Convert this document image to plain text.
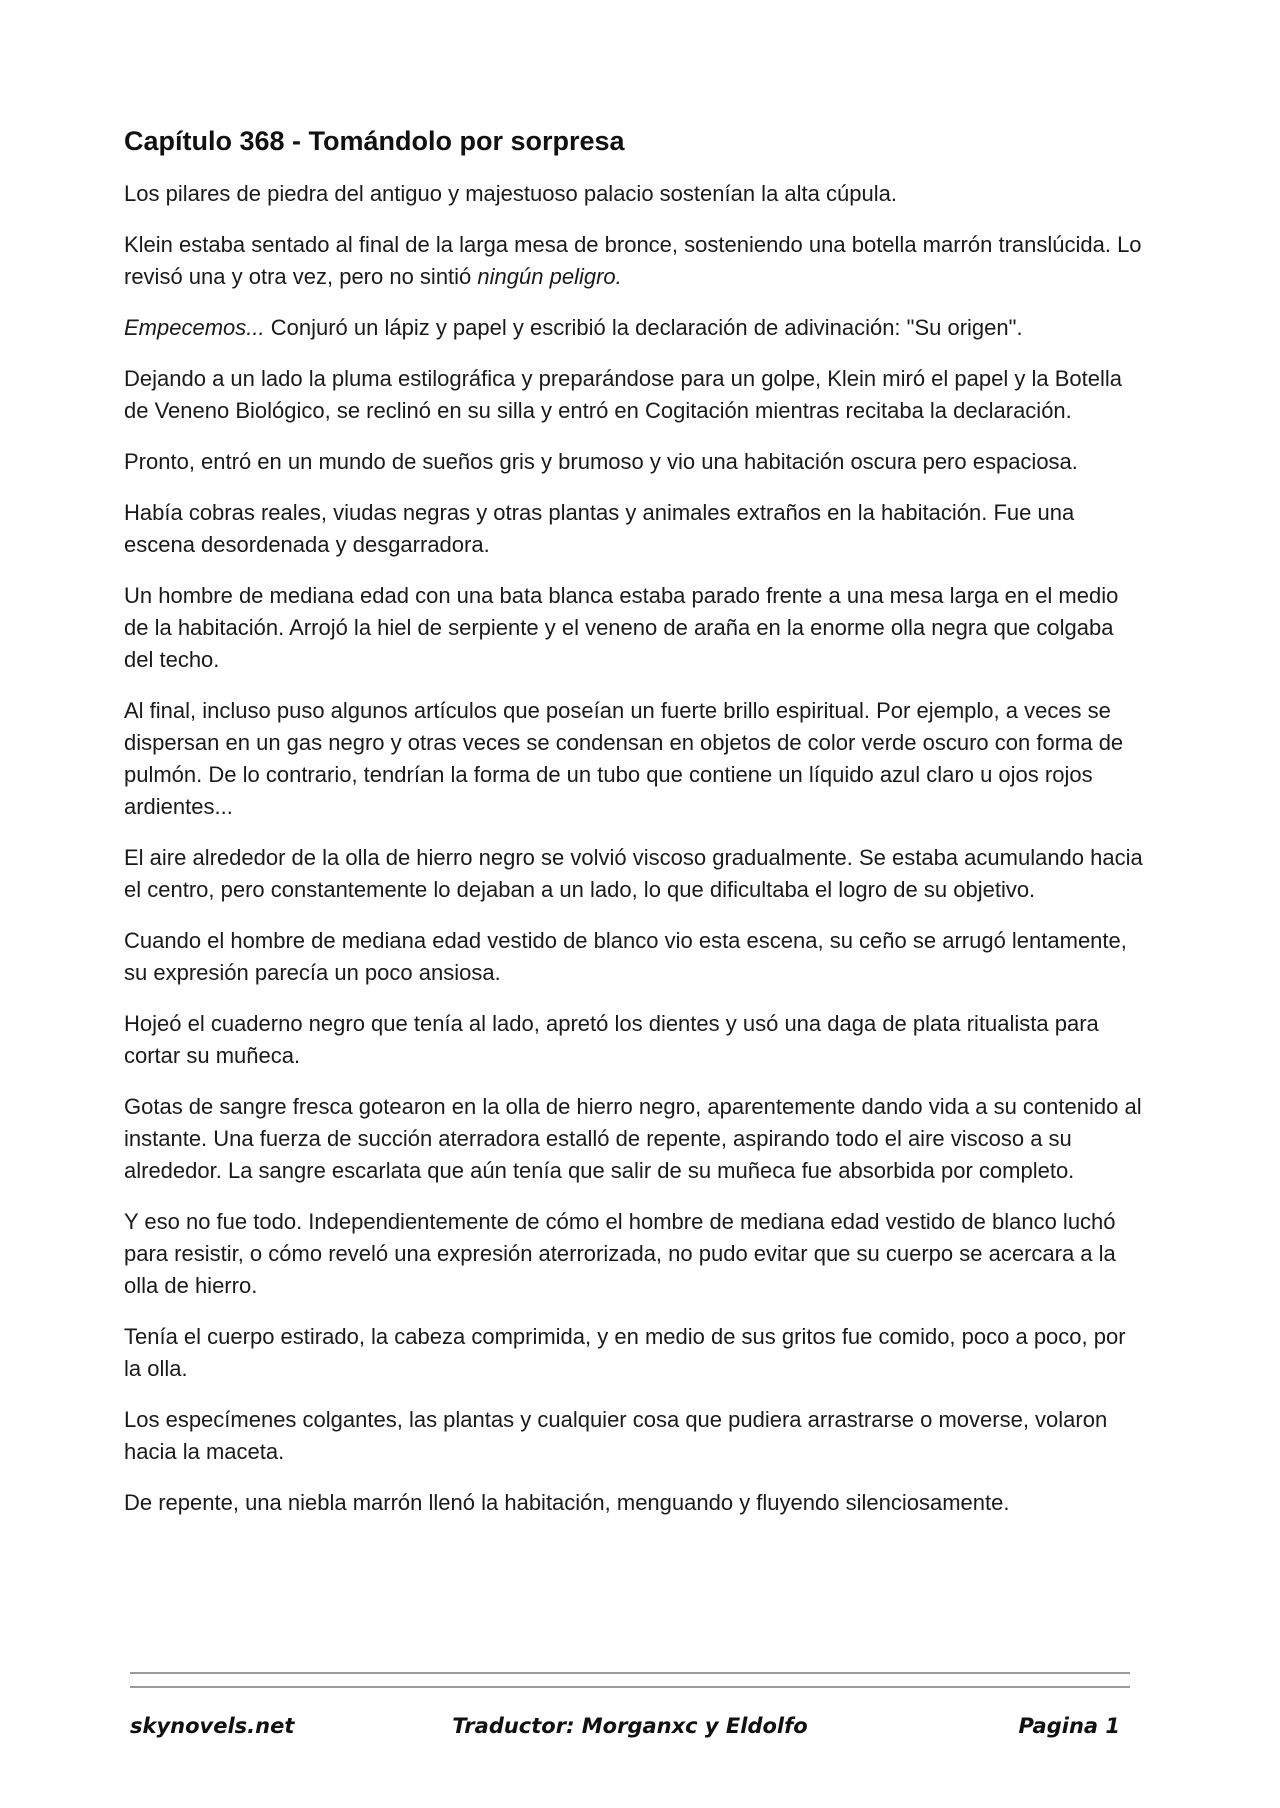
Capítulo 368 - Tomándolo por sorpresa

Los pilares de piedra del antiguo y majestuoso palacio sostenían la alta cúpula.

Klein estaba sentado al final de la larga mesa de bronce, sosteniendo una botella marrón translúcida. Lo revisó una y otra vez, pero no sintió ningún peligro.

Empecemos... Conjuró un lápiz y papel y escribió la declaración de adivinación: "Su origen".

Dejando a un lado la pluma estilográfica y preparándose para un golpe, Klein miró el papel y la Botella de Veneno Biológico, se reclinó en su silla y entró en Cogitación mientras recitaba la declaración.

Pronto, entró en un mundo de sueños gris y brumoso y vio una habitación oscura pero espaciosa.

Había cobras reales, viudas negras y otras plantas y animales extraños en la habitación. Fue una escena desordenada y desgarradora.

Un hombre de mediana edad con una bata blanca estaba parado frente a una mesa larga en el medio de la habitación. Arrojó la hiel de serpiente y el veneno de araña en la enorme olla negra que colgaba del techo.

Al final, incluso puso algunos artículos que poseían un fuerte brillo espiritual. Por ejemplo, a veces se dispersan en un gas negro y otras veces se condensan en objetos de color verde oscuro con forma de pulmón. De lo contrario, tendrían la forma de un tubo que contiene un líquido azul claro u ojos rojos ardientes...

El aire alrededor de la olla de hierro negro se volvió viscoso gradualmente. Se estaba acumulando hacia el centro, pero constantemente lo dejaban a un lado, lo que dificultaba el logro de su objetivo.

Cuando el hombre de mediana edad vestido de blanco vio esta escena, su ceño se arrugó lentamente, su expresión parecía un poco ansiosa.

Hojeó el cuaderno negro que tenía al lado, apretó los dientes y usó una daga de plata ritualista para cortar su muñeca.

Gotas de sangre fresca gotearon en la olla de hierro negro, aparentemente dando vida a su contenido al instante. Una fuerza de succión aterradora estalló de repente, aspirando todo el aire viscoso a su alrededor. La sangre escarlata que aún tenía que salir de su muñeca fue absorbida por completo.

Y eso no fue todo. Independientemente de cómo el hombre de mediana edad vestido de blanco luchó para resistir, o cómo reveló una expresión aterrorizada, no pudo evitar que su cuerpo se acercara a la olla de hierro.

Tenía el cuerpo estirado, la cabeza comprimida, y en medio de sus gritos fue comido, poco a poco, por la olla.

Los especímenes colgantes, las plantas y cualquier cosa que pudiera arrastrarse o moverse, volaron hacia la maceta.

De repente, una niebla marrón llenó la habitación, menguando y fluyendo silenciosamente.

skynovels.net	Traductor: Morganxc y Eldolfo	Pagina 1
